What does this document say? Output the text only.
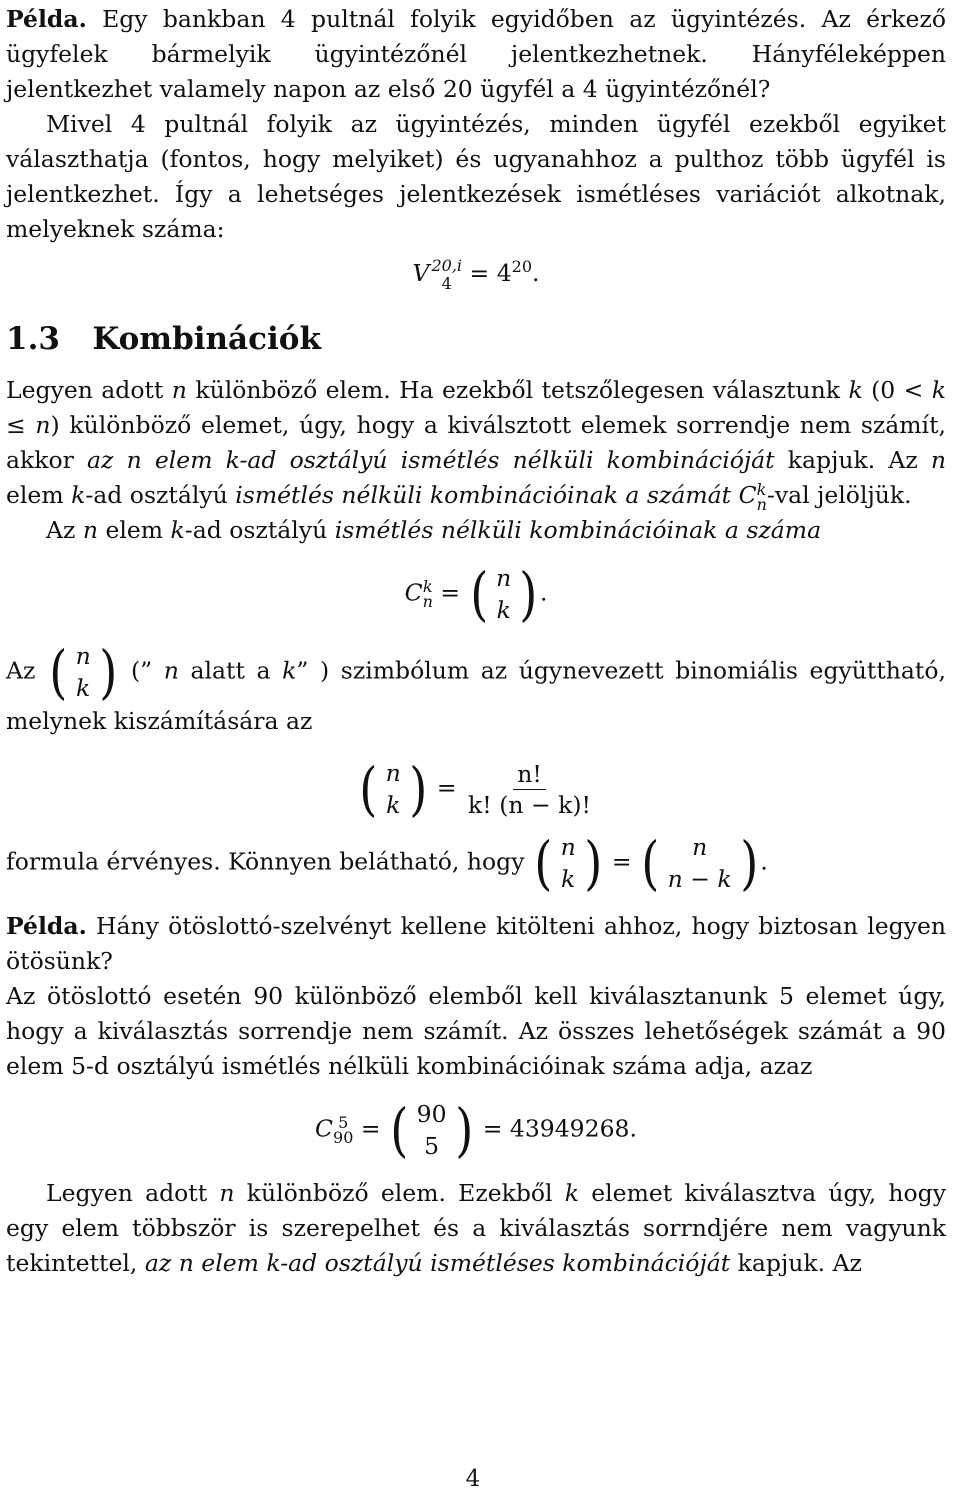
Példa. Egy bankban 4 pultnál folyik egyidőben az ügyintézés. Az érkező ügyfelek bármelyik ügyintézőnél jelentkezhetnek. Hányféleképpen jelentkezhet valamely napon az első 20 ügyfél a 4 ügyintézőnél?

Mivel 4 pultnál folyik az ügyintézés, minden ügyfél ezekből egyiket választhatja (fontos, hogy melyiket) és ugyanahhoz a pulthoz több ügyfél is jelentkezhet. Így a lehetséges jelentkezések ismétléses variációt alkotnak, melyeknek száma:

V 20,i
$4 = 4^{20}$.

1.3 Kombinációk

Legyen adott n különböző elem. Ha ezekből tetszőlegesen választunk k (0 < k ≤ n) különböző elemet, úgy, hogy a kiválsztott elemek sorrendje nem számít, akkor az n elem k-ad osztályú ismétlés nélküli kombinációját kapjuk. Az n elem k-ad osztályú ismétlés nélküli kombinációinak a számát C k
n -val jelöljük.

Az n elem k-ad osztályú ismétlés nélküli kombinációinak a száma

C k
n = ( n
k ) .

Az ( n
k ) (” n alatt a k” ) szimbólum az úgynevezett binomiális együttható, melynek kiszámítására az

( n
k ) = $\frac{n!}{k! (n - k)!}$

formula érvényes. Könnyen belátható, hogy ( n
k ) = ( n
n − k ) .

Példa. Hány ötöslottó-szelvényt kellene kitölteni ahhoz, hogy biztosan legyen ötösünk?

Az ötöslottó esetén 90 különböző elemből kell kiválasztanunk 5 elemet úgy, hogy a kiválasztás sorrendje nem számít. Az összes lehetőségek számát a 90 elem 5-d osztályú ismétlés nélküli kombinációinak száma adja, azaz

C 5
90 = ( 90
5 ) = 43949268.

Legyen adott n különböző elem. Ezekből k elemet kiválasztva úgy, hogy egy elem többször is szerepelhet és a kiválasztás sorrndjére nem vagyunk tekintettel, az n elem k-ad osztályú ismétléses kombinációját kapjuk. Az

4
